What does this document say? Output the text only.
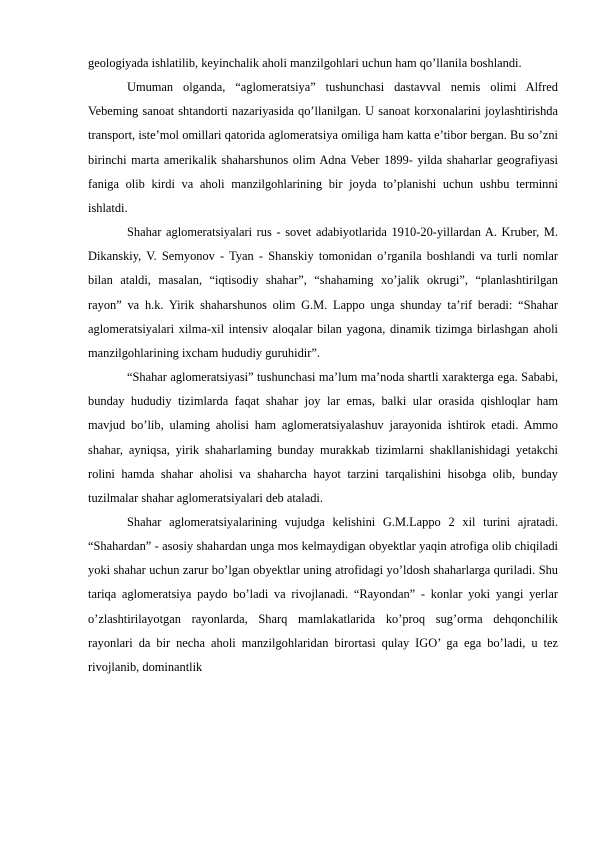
geologiyada ishlatilib, keyinchalik aholi manzilgohlari uchun ham qo’llanila boshlandi.

Umuman olganda, “aglomeratsiya” tushunchasi dastavval nemis olimi Alfred Vebeming sanoat shtandorti nazariyasida qo’llanilgan. U sanoat korxonalarini joylashtirishda transport, iste’mol omillari qatorida aglomeratsiya omiliga ham katta e’tibor bergan. Bu so’zni birinchi marta amerikalik shaharshunos olim Adna Veber 1899- yilda shaharlar geografiyasi faniga olib kirdi va aholi manzilgohlarining bir joyda to’planishi uchun ushbu terminni ishlatdi.

Shahar aglomeratsiyalari rus - sovet adabiyotlarida 1910-20-yillardan A. Kruber, M. Dikanskiy, V. Semyonov - Tyan - Shanskiy tomonidan o’rganila boshlandi va turli nomlar bilan ataldi, masalan, “iqtisodiy shahar”, “shahaming xo’jalik okrugi”, “planlashtirilgan rayon” va h.k. Yirik shaharshunos olim G.M. Lappo unga shunday ta’rif beradi: “Shahar aglomeratsiyalari xilma-xil intensiv aloqalar bilan yagona, dinamik tizimga birlashgan aholi manzilgohlarining ixcham hududiy guruhidir”.

“Shahar aglomeratsiyasi” tushunchasi ma’lum ma’noda shartli xarakterga ega. Sababi, bunday hududiy tizimlarda faqat shahar joy lar emas, balki ular orasida qishloqlar ham mavjud bo’lib, ulaming aholisi ham aglomeratsiyalashuv jarayonida ishtirok etadi. Ammo shahar, ayniqsa, yirik shaharlaming bunday murakkab tizimlarni shakllanishidagi yetakchi rolini hamda shahar aholisi va shaharcha hayot tarzini tarqalishini hisobga olib, bunday tuzilmalar shahar aglomeratsiyalari deb ataladi.

Shahar aglomeratsiyalarining vujudga kelishini G.M.Lappo 2 xil turini ajratadi. “Shahardan” - asosiy shahardan unga mos kelmaydigan obyektlar yaqin atrofiga olib chiqiladi yoki shahar uchun zarur bo’lgan obyektlar uning atrofidagi yo’ldosh shaharlarga quriladi. Shu tariqa aglomeratsiya paydo bo’ladi va rivojlanadi. “Rayondan” - konlar yoki yangi yerlar o’zlashtirilayotgan rayonlarda, Sharq mamlakatlarida ko’proq sug’orma dehqonchilik rayonlari da bir necha aholi manzilgohlaridan birortasi qulay IGO’ ga ega bo’ladi, u tez rivojlanib, dominantlik
